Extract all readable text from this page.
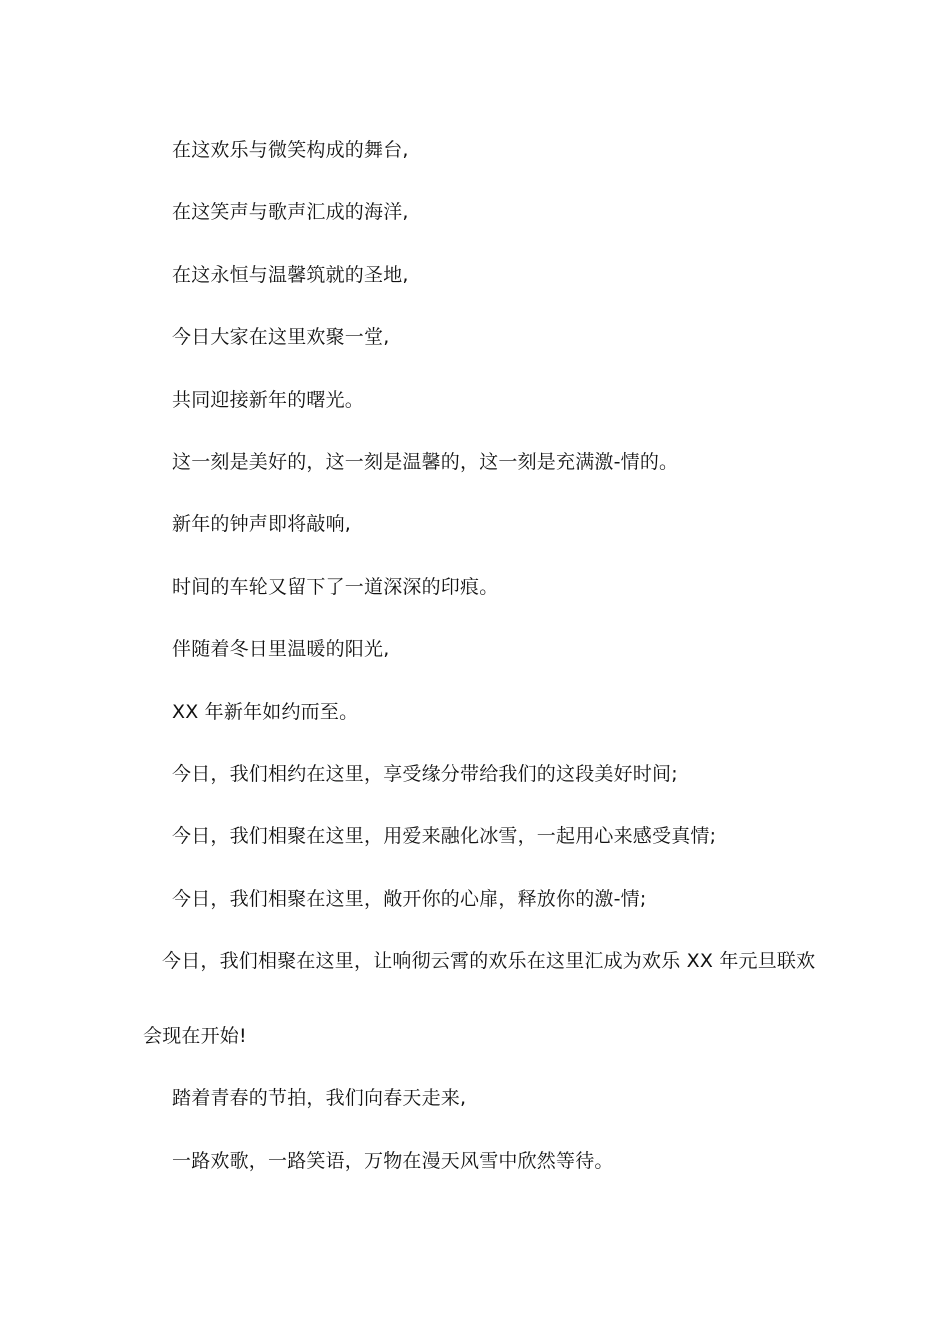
在这欢乐与微笑构成的舞台,
在这笑声与歌声汇成的海洋,
在这永恒与温馨筑就的圣地,
今日大家在这里欢聚一堂,
共同迎接新年的曙光。
这一刻是美好的，这一刻是温馨的，这一刻是充满激-情的。
新年的钟声即将敲响,
时间的车轮又留下了一道深深的印痕。
伴随着冬日里温暖的阳光,
XX 年新年如约而至。
今日，我们相约在这里，享受缘分带给我们的这段美好时间;
今日，我们相聚在这里，用爱来融化冰雪，一起用心来感受真情;
今日，我们相聚在这里，敞开你的心扉，释放你的激-情;
今日，我们相聚在这里，让响彻云霄的欢乐在这里汇成为欢乐 XX 年元旦联欢
会现在开始!
踏着青春的节拍，我们向春天走来,
一路欢歌，一路笑语，万物在漫天风雪中欣然等待。
